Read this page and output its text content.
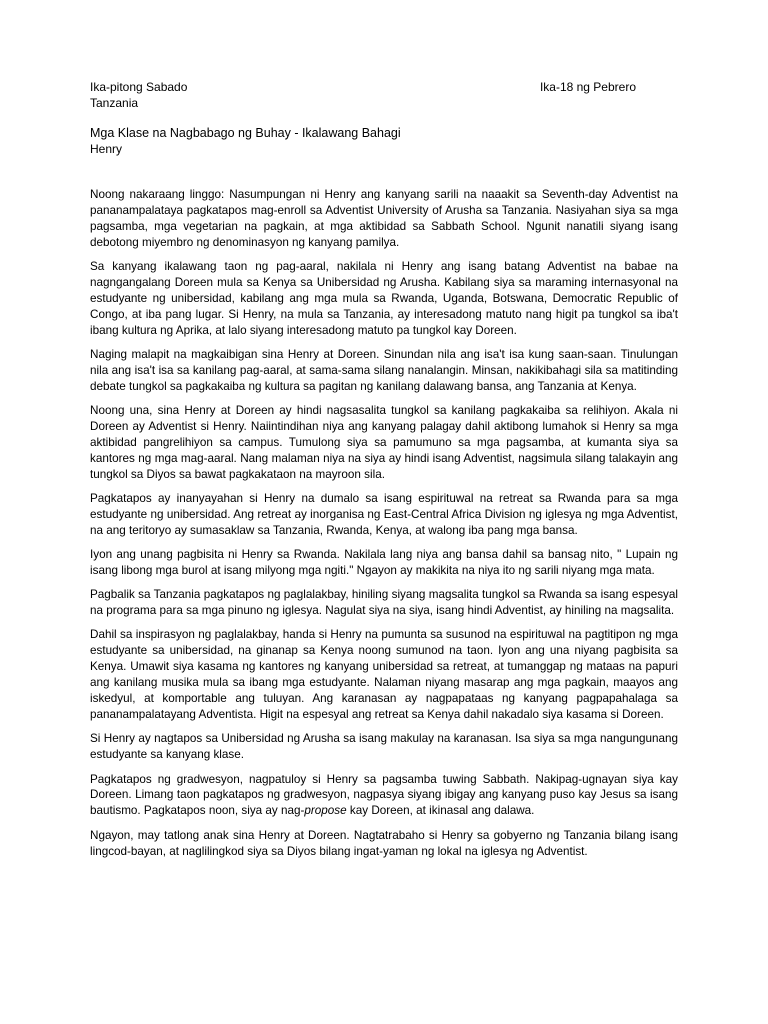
Ika-pitong Sabado	Ika-18 ng Pebrero
Tanzania
Mga Klase na Nagbabago ng Buhay - Ikalawang Bahagi
Henry

Noong nakaraang linggo: Nasumpungan ni Henry ang kanyang sarili na naaakit sa Seventh-day Adventist na pananampalataya pagkatapos mag-enroll sa Adventist University of Arusha sa Tanzania. Nasiyahan siya sa mga pagsamba, mga vegetarian na pagkain, at mga aktibidad sa Sabbath School. Ngunit nanatili siyang isang debotong miyembro ng denominasyon ng kanyang pamilya.

Sa kanyang ikalawang taon ng pag-aaral, nakilala ni Henry ang isang batang Adventist na babae na nagngangalang Doreen mula sa Kenya sa Unibersidad ng Arusha. Kabilang siya sa maraming internasyonal na estudyante ng unibersidad, kabilang ang mga mula sa Rwanda, Uganda, Botswana, Democratic Republic of Congo, at iba pang lugar. Si Henry, na mula sa Tanzania, ay interesadong matuto nang higit pa tungkol sa iba't ibang kultura ng Aprika, at lalo siyang interesadong matuto pa tungkol kay Doreen.

Naging malapit na magkaibigan sina Henry at Doreen. Sinundan nila ang isa't isa kung saan-saan. Tinulungan nila ang isa't isa sa kanilang pag-aaral, at sama-sama silang nanalangin. Minsan, nakikibahagi sila sa matitinding debate tungkol sa pagkakaiba ng kultura sa pagitan ng kanilang dalawang bansa, ang Tanzania at Kenya.

Noong una, sina Henry at Doreen ay hindi nagsasalita tungkol sa kanilang pagkakaiba sa relihiyon. Akala ni Doreen ay Adventist si Henry. Naiintindihan niya ang kanyang palagay dahil aktibong lumahok si Henry sa mga aktibidad pangrelihiyon sa campus. Tumulong siya sa pamumuno sa mga pagsamba, at kumanta siya sa kantores ng mga mag-aaral. Nang malaman niya na siya ay hindi isang Adventist, nagsimula silang talakayin ang tungkol sa Diyos sa bawat pagkakataon na mayroon sila.

Pagkatapos ay inanyayahan si Henry na dumalo sa isang espirituwal na retreat sa Rwanda para sa mga estudyante ng unibersidad. Ang retreat ay inorganisa ng East-Central Africa Division ng iglesya ng mga Adventist, na ang teritoryo ay sumasaklaw sa Tanzania, Rwanda, Kenya, at walong iba pang mga bansa.

Iyon ang unang pagbisita ni Henry sa Rwanda. Nakilala lang niya ang bansa dahil sa bansag nito, " Lupain ng isang libong mga burol at isang milyong mga ngiti." Ngayon ay makikita na niya ito ng sarili niyang mga mata.

Pagbalik sa Tanzania pagkatapos ng paglalakbay, hiniling siyang magsalita tungkol sa Rwanda sa isang espesyal na programa para sa mga pinuno ng iglesya. Nagulat siya na siya, isang hindi Adventist, ay hiniling na magsalita.

Dahil sa inspirasyon ng paglalakbay, handa si Henry na pumunta sa susunod na espirituwal na pagtitipon ng mga estudyante sa unibersidad, na ginanap sa Kenya noong sumunod na taon. Iyon ang una niyang pagbisita sa Kenya. Umawit siya kasama ng kantores ng kanyang unibersidad sa retreat, at tumanggap ng mataas na papuri ang kanilang musika mula sa ibang mga estudyante. Nalaman niyang masarap ang mga pagkain, maayos ang iskedyul, at komportable ang tuluyan. Ang karanasan ay nagpapataas ng kanyang pagpapahalaga sa pananampalatayang Adventista. Higit na espesyal ang retreat sa Kenya dahil nakadalo siya kasama si Doreen.

Si Henry ay nagtapos sa Unibersidad ng Arusha sa isang makulay na karanasan. Isa siya sa mga nangungunang estudyante sa kanyang klase.

Pagkatapos ng gradwesyon, nagpatuloy si Henry sa pagsamba tuwing Sabbath. Nakipag-ugnayan siya kay Doreen. Limang taon pagkatapos ng gradwesyon, nagpasya siyang ibigay ang kanyang puso kay Jesus sa isang bautismo. Pagkatapos noon, siya ay nag-propose kay Doreen, at ikinasal ang dalawa.

Ngayon, may tatlong anak sina Henry at Doreen. Nagtatrabaho si Henry sa gobyerno ng Tanzania bilang isang lingcod-bayan, at naglilingkod siya sa Diyos bilang ingat-yaman ng lokal na iglesya ng Adventist.
